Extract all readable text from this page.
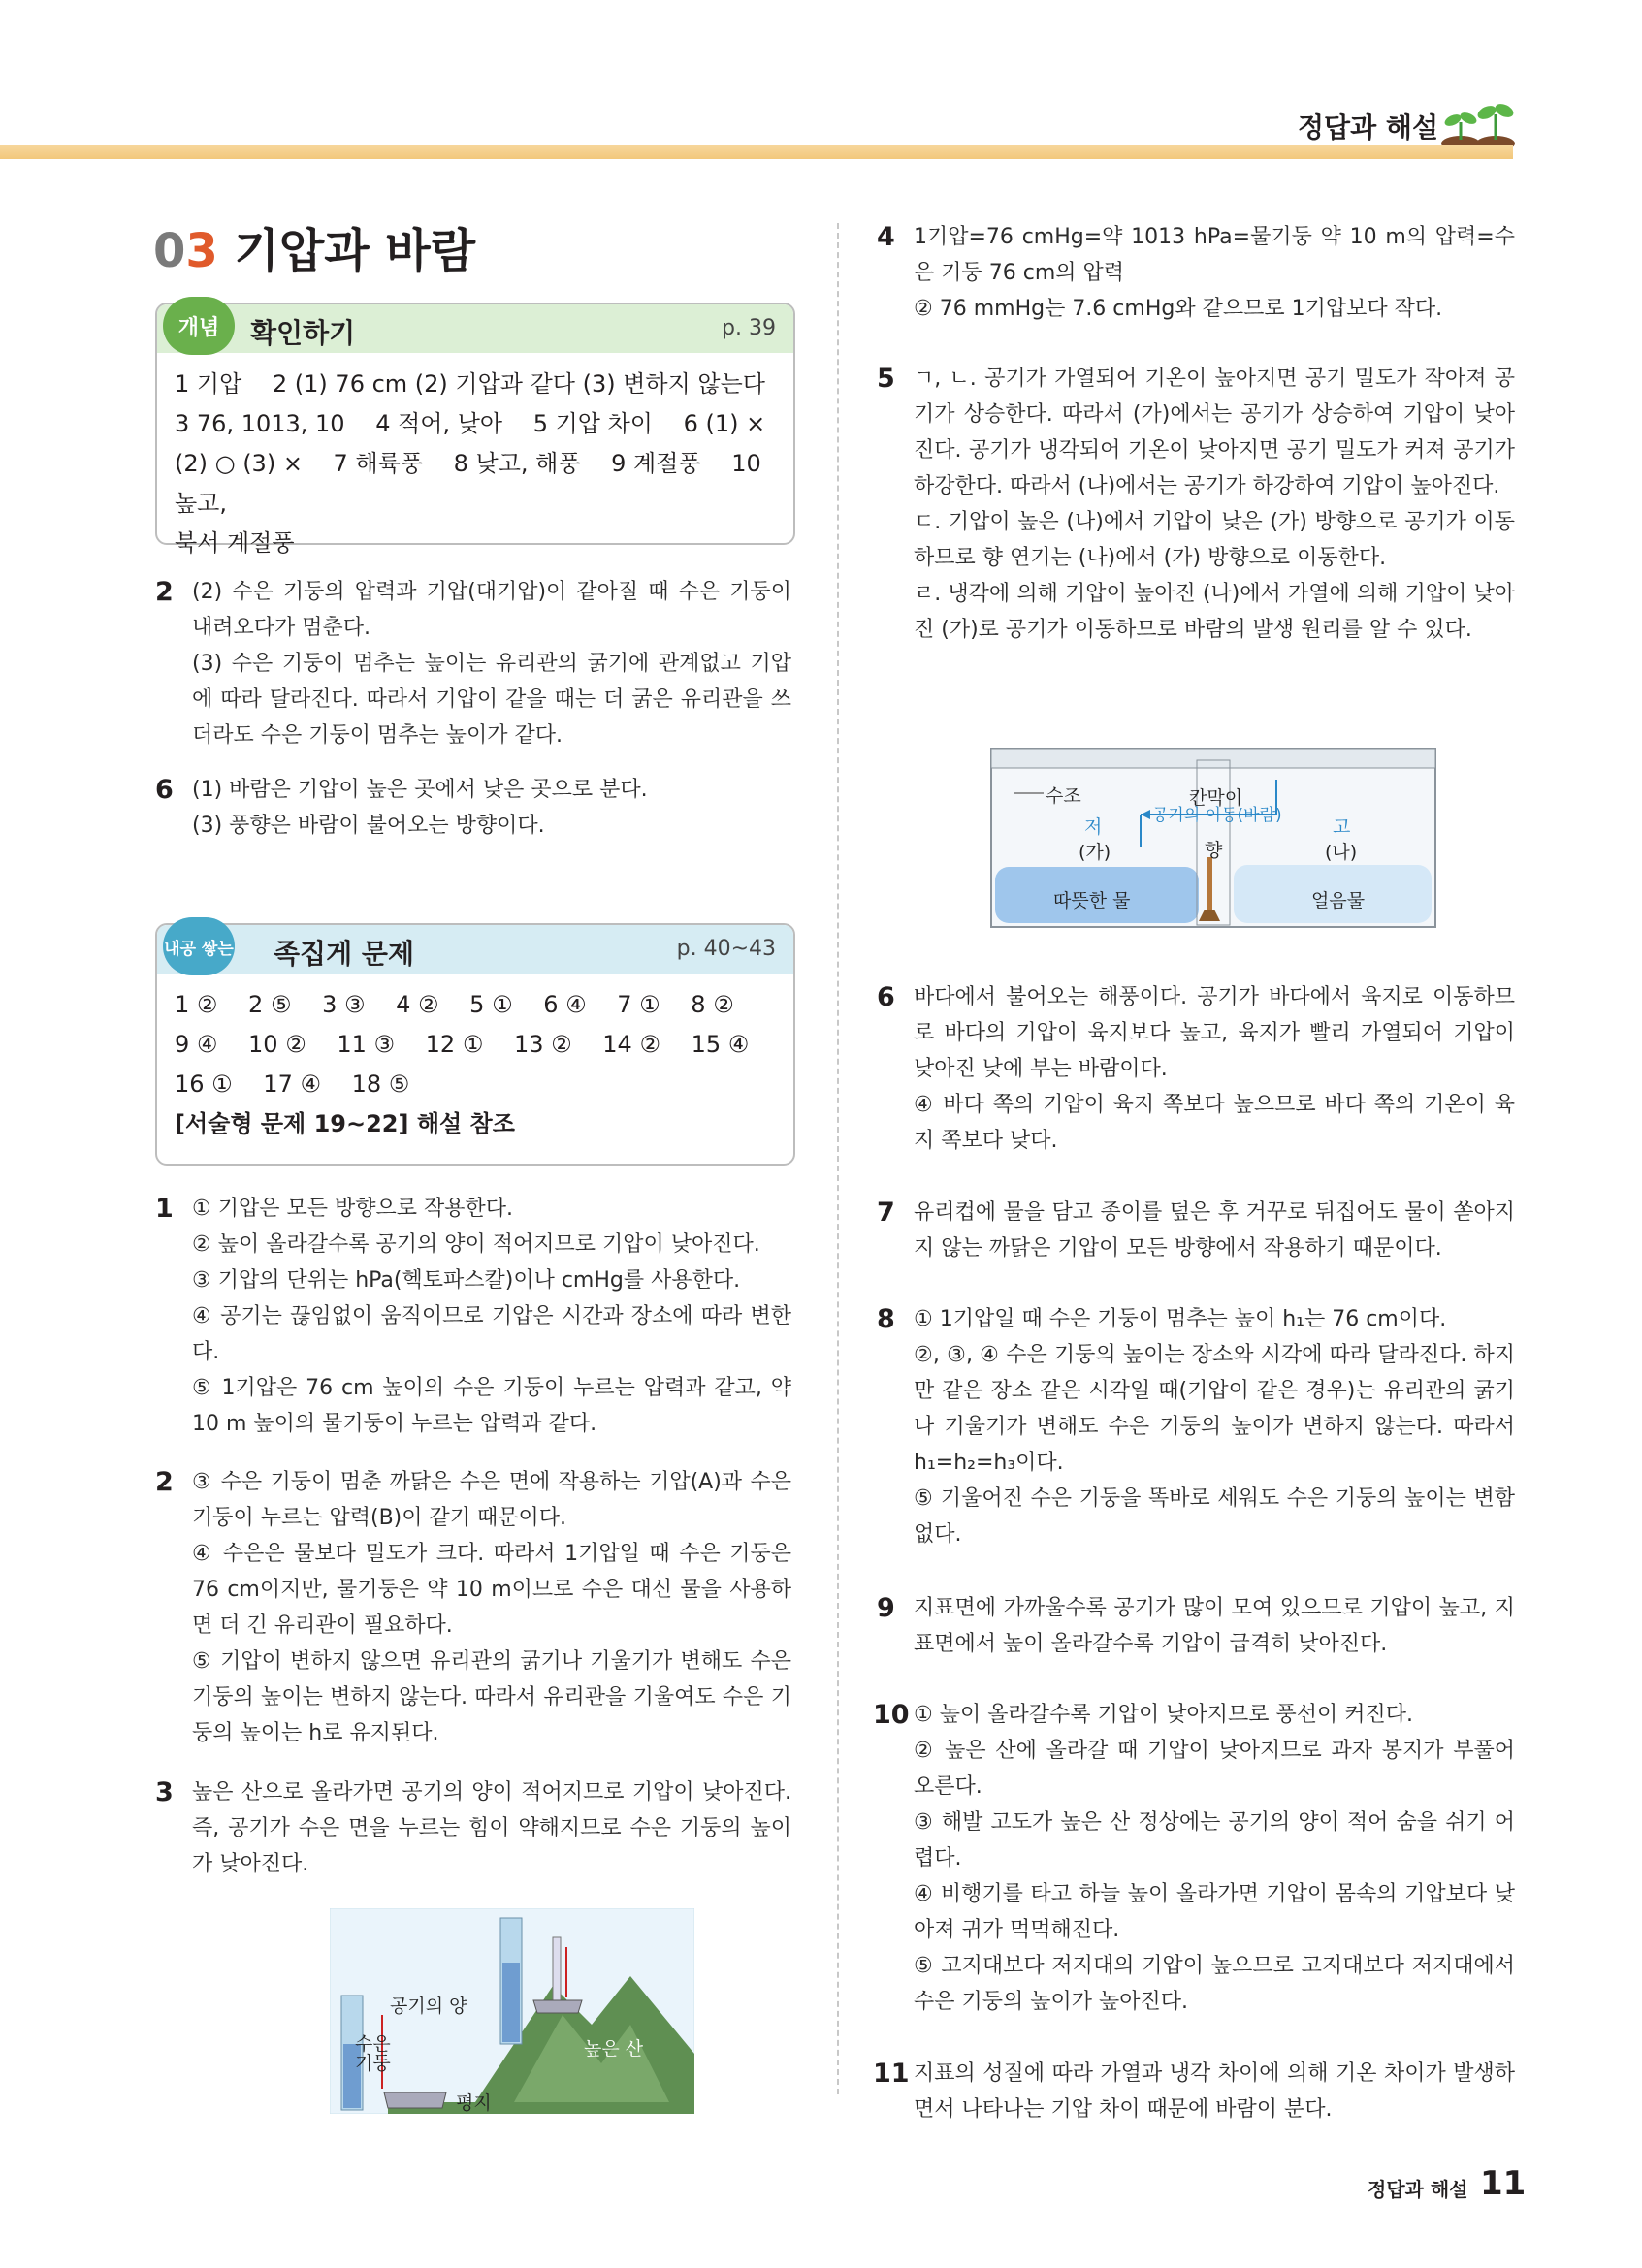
정답과 해설
03 기압과 바람
개념	확인하기	p. 39
1 기압　 2 (1) 76 cm (2) 기압과 같다 (3) 변하지 않는다
3 76, 1013, 10　 4 적어, 낮아　 5 기압 차이　 6 (1) ×
(2) ○ (3) ×　 7 해륙풍　 8 낮고, 해풍　 9 계절풍　 10 높고,
북서 계절풍
2 (2) 수은 기둥의 압력과 기압(대기압)이 같아질 때 수은 기둥이 내려오다가 멈춘다.

(3) 수은 기둥이 멈추는 높이는 유리관의 굵기에 관계없고 기압에 따라 달라진다. 따라서 기압이 같을 때는 더 굵은 유리관을 쓰더라도 수은 기둥이 멈추는 높이가 같다.

6 (1) 바람은 기압이 높은 곳에서 낮은 곳으로 분다.

(3) 풍향은 바람이 불어오는 방향이다.

내공 쌓는 족집게 문제	p. 40~43
1 ②　 2 ⑤　 3 ③　 4 ②　 5 ①　 6 ④　 7 ①　 8 ②
9 ④　 10 ②　 11 ③　 12 ①　 13 ②　 14 ②　 15 ④
16 ①　 17 ④　 18 ⑤
[서술형 문제 19~22] 해설 참조
1 ① 기압은 모든 방향으로 작용한다.

② 높이 올라갈수록 공기의 양이 적어지므로 기압이 낮아진다.

③ 기압의 단위는 hPa(헥토파스칼)이나 cmHg를 사용한다.

④ 공기는 끊임없이 움직이므로 기압은 시간과 장소에 따라 변한다.

⑤ 1기압은 76 cm 높이의 수은 기둥이 누르는 압력과 같고, 약 10 m 높이의 물기둥이 누르는 압력과 같다.

2 ③ 수은 기둥이 멈춘 까닭은 수은 면에 작용하는 기압(A)과 수은 기둥이 누르는 압력(B)이 같기 때문이다.

④ 수은은 물보다 밀도가 크다. 따라서 1기압일 때 수은 기둥은 76 cm이지만, 물기둥은 약 10 m이므로 수은 대신 물을 사용하면 더 긴 유리관이 필요하다.

⑤ 기압이 변하지 않으면 유리관의 굵기나 기울기가 변해도 수은 기둥의 높이는 변하지 않는다. 따라서 유리관을 기울여도 수은 기둥의 높이는 h로 유지된다.

3 높은 산으로 올라가면 공기의 양이 적어지므로 기압이 낮아진다. 즉, 공기가 수은 면을 누르는 힘이 약해지므로 수은 기둥의 높이가 낮아진다.

공기의 양
수은 기둥
평지
높은 산
4 1기압=76 cmHg=약 1013 hPa=물기둥 약 10 m의 압력=수은 기둥 76 cm의 압력

② 76 mmHg는 7.6 cmHg와 같으므로 1기압보다 작다.

5 ㄱ, ㄴ. 공기가 가열되어 기온이 높아지면 공기 밀도가 작아져 공기가 상승한다. 따라서 (가)에서는 공기가 상승하여 기압이 낮아진다. 공기가 냉각되어 기온이 낮아지면 공기 밀도가 커져 공기가 하강한다. 따라서 (나)에서는 공기가 하강하여 기압이 높아진다.

ㄷ. 기압이 높은 (나)에서 기압이 낮은 (가) 방향으로 공기가 이동하므로 향 연기는 (나)에서 (가) 방향으로 이동한다.

ㄹ. 냉각에 의해 기압이 높아진 (나)에서 가열에 의해 기압이 낮아진 (가)로 공기가 이동하므로 바람의 발생 원리를 알 수 있다.

수조	칸막이
공기의 이동(바람)
저	고
(가)	(나)
향
따뜻한 물	얼음물
6 바다에서 불어오는 해풍이다. 공기가 바다에서 육지로 이동하므로 바다의 기압이 육지보다 높고, 육지가 빨리 가열되어 기압이 낮아진 낮에 부는 바람이다.

④ 바다 쪽의 기압이 육지 쪽보다 높으므로 바다 쪽의 기온이 육지 쪽보다 낮다.

7 유리컵에 물을 담고 종이를 덮은 후 거꾸로 뒤집어도 물이 쏟아지지 않는 까닭은 기압이 모든 방향에서 작용하기 때문이다.

8 ① 1기압일 때 수은 기둥이 멈추는 높이 h₁는 76 cm이다.

②, ③, ④ 수은 기둥의 높이는 장소와 시각에 따라 달라진다. 하지만 같은 장소 같은 시각일 때(기압이 같은 경우)는 유리관의 굵기나 기울기가 변해도 수은 기둥의 높이가 변하지 않는다. 따라서 h₁=h₂=h₃이다.

⑤ 기울어진 수은 기둥을 똑바로 세워도 수은 기둥의 높이는 변함없다.

9 지표면에 가까울수록 공기가 많이 모여 있으므로 기압이 높고, 지표면에서 높이 올라갈수록 기압이 급격히 낮아진다.

10 ① 높이 올라갈수록 기압이 낮아지므로 풍선이 커진다.

② 높은 산에 올라갈 때 기압이 낮아지므로 과자 봉지가 부풀어 오른다.

③ 해발 고도가 높은 산 정상에는 공기의 양이 적어 숨을 쉬기 어렵다.

④ 비행기를 타고 하늘 높이 올라가면 기압이 몸속의 기압보다 낮아져 귀가 먹먹해진다.

⑤ 고지대보다 저지대의 기압이 높으므로 고지대보다 저지대에서 수은 기둥의 높이가 높아진다.

11 지표의 성질에 따라 가열과 냉각 차이에 의해 기온 차이가 발생하면서 나타나는 기압 차이 때문에 바람이 분다.

정답과 해설 11
